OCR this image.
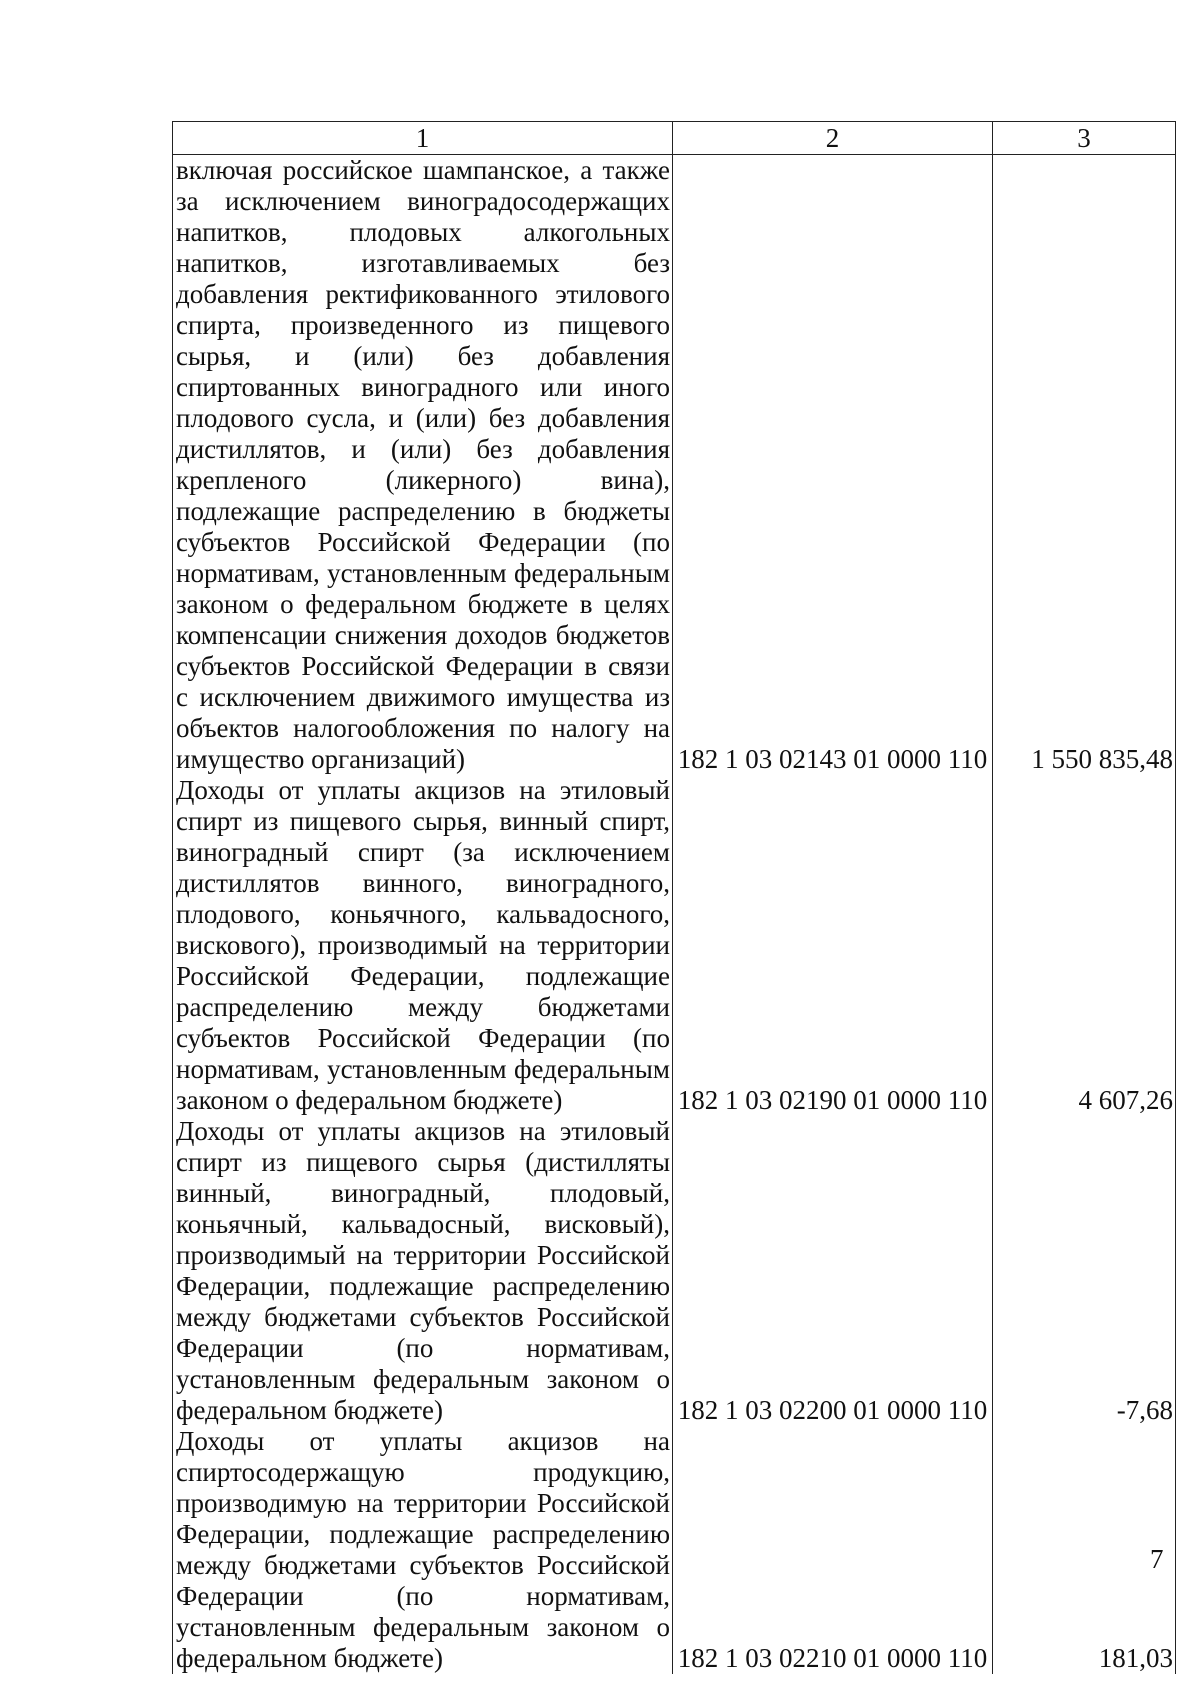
1	2	3
включая российское шампанское, а также за исключением виноградосодержащих напитков, плодовых алкогольных напитков, изготавливаемых без добавления ректификованного этилового спирта, произведенного из пищевого сырья, и (или) без добавления спиртованных виноградного или иного плодового сусла, и (или) без добавления дистиллятов, и (или) без добавления крепленого (ликерного) вина), подлежащие распределению в бюджеты субъектов Российской Федерации (по нормативам, установленным федеральным законом о федеральном бюджете в целях компенсации снижения доходов бюджетов субъектов Российской Федерации в связи с исключением движимого имущества из объектов налогообложения по налогу на имущество организаций)	182 1 03 02143 01 0000 110	1 550 835,48
Доходы от уплаты акцизов на этиловый спирт из пищевого сырья, винный спирт, виноградный спирт (за исключением дистиллятов винного, виноградного, плодового, коньячного, кальвадосного, вискового), производимый на территории Российской Федерации, подлежащие распределению между бюджетами субъектов Российской Федерации (по нормативам, установленным федеральным законом о федеральном бюджете)	182 1 03 02190 01 0000 110	4 607,26
Доходы от уплаты акцизов на этиловый спирт из пищевого сырья (дистилляты винный, виноградный, плодовый, коньячный, кальвадосный, висковый), производимый на территории Российской Федерации, подлежащие распределению между бюджетами субъектов Российской Федерации (по нормативам, установленным федеральным законом о федеральном бюджете)	182 1 03 02200 01 0000 110	-7,68
Доходы от уплаты акцизов на спиртосодержащую продукцию, производимую на территории Российской Федерации, подлежащие распределению между бюджетами субъектов Российской Федерации (по нормативам, установленным федеральным законом о федеральном бюджете)	182 1 03 02210 01 0000 110	181,03
7
